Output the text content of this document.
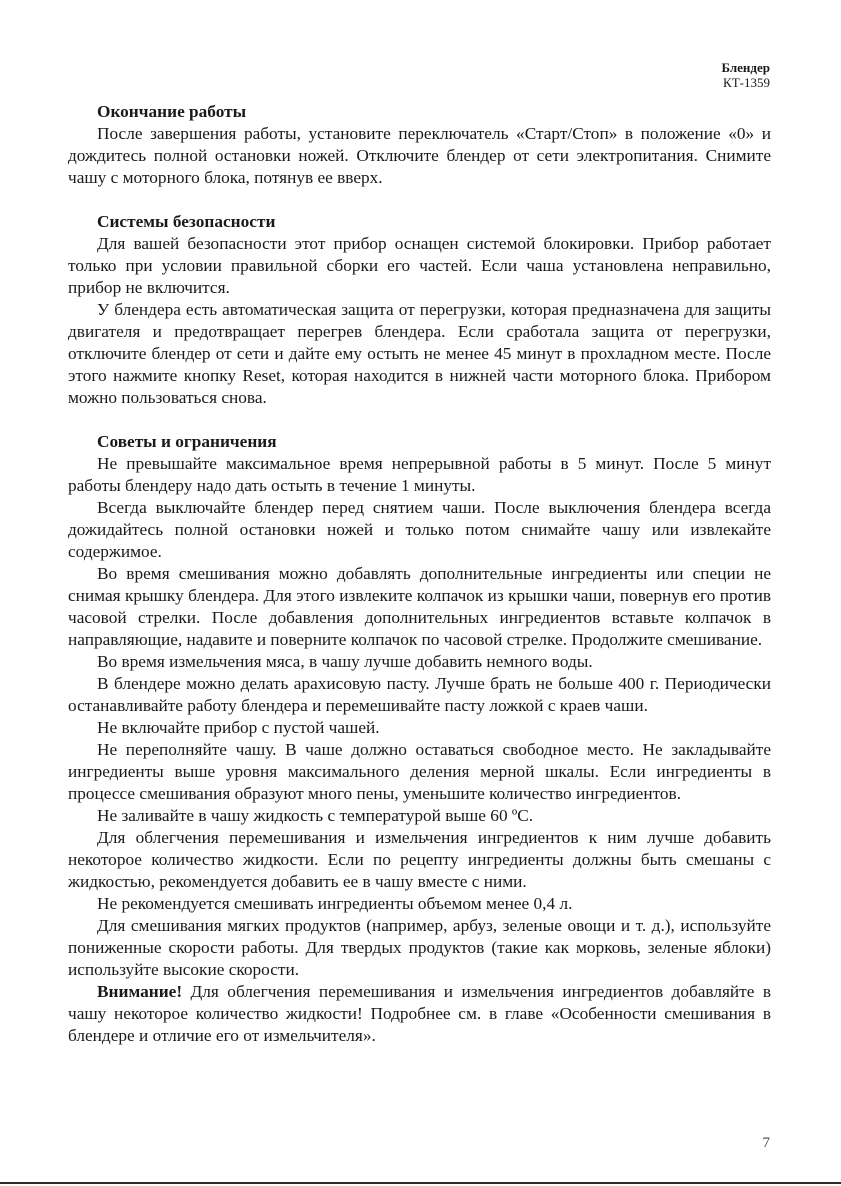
Блендер
КТ-1359

Окончание работы

После завершения работы, установите переключатель «Старт/Стоп» в положение «0» и дождитесь полной остановки ножей. Отключите блендер от сети электропитания. Снимите чашу с моторного блока, потянув ее вверх.

Системы безопасности

Для вашей безопасности этот прибор оснащен системой блокировки. Прибор работает только при условии правильной сборки его частей. Если чаша установлена неправильно, прибор не включится.

У блендера есть автоматическая защита от перегрузки, которая предназначена для защиты двигателя и предотвращает перегрев блендера. Если сработала защита от перегрузки, отключите блендер от сети и дайте ему остыть не менее 45 минут в прохладном месте. После этого нажмите кнопку Reset, которая находится в нижней части моторного блока. Прибором можно пользоваться снова.

Советы и ограничения

Не превышайте максимальное время непрерывной работы в 5 минут. После 5 минут работы блендеру надо дать остыть в течение 1 минуты.

Всегда выключайте блендер перед снятием чаши. После выключения блендера всегда дожидайтесь полной остановки ножей и только потом снимайте чашу или извлекайте содержимое.

Во время смешивания можно добавлять дополнительные ингредиенты или специи не снимая крышку блендера. Для этого извлеките колпачок из крышки чаши, повернув его против часовой стрелки. После добавления дополнительных ингредиентов вставьте колпачок в направляющие, надавите и поверните колпачок по часовой стрелке. Продолжите смешивание.

Во время измельчения мяса, в чашу лучше добавить немного воды.

В блендере можно делать арахисовую пасту. Лучше брать не больше 400 г. Периодически останавливайте работу блендера и перемешивайте пасту ложкой с краев чаши.

Не включайте прибор с пустой чашей.

Не переполняйте чашу. В чаше должно оставаться свободное место. Не закладывайте ингредиенты выше уровня максимального деления мерной шкалы. Если ингредиенты в процессе смешивания образуют много пены, уменьшите количество ингредиентов.

Не заливайте в чашу жидкость с температурой выше 60 ºC.

Для облегчения перемешивания и измельчения ингредиентов к ним лучше добавить некоторое количество жидкости. Если по рецепту ингредиенты должны быть смешаны с жидкостью, рекомендуется добавить ее в чашу вместе с ними.

Не рекомендуется смешивать ингредиенты объемом менее 0,4 л.

Для смешивания мягких продуктов (например, арбуз, зеленые овощи и т. д.), используйте пониженные скорости работы. Для твердых продуктов (такие как морковь, зеленые яблоки) используйте высокие скорости.

Внимание! Для облегчения перемешивания и измельчения ингредиентов добавляйте в чашу некоторое количество жидкости! Подробнее см. в главе «Особенности смешивания в блендере и отличие его от измельчителя».

7
